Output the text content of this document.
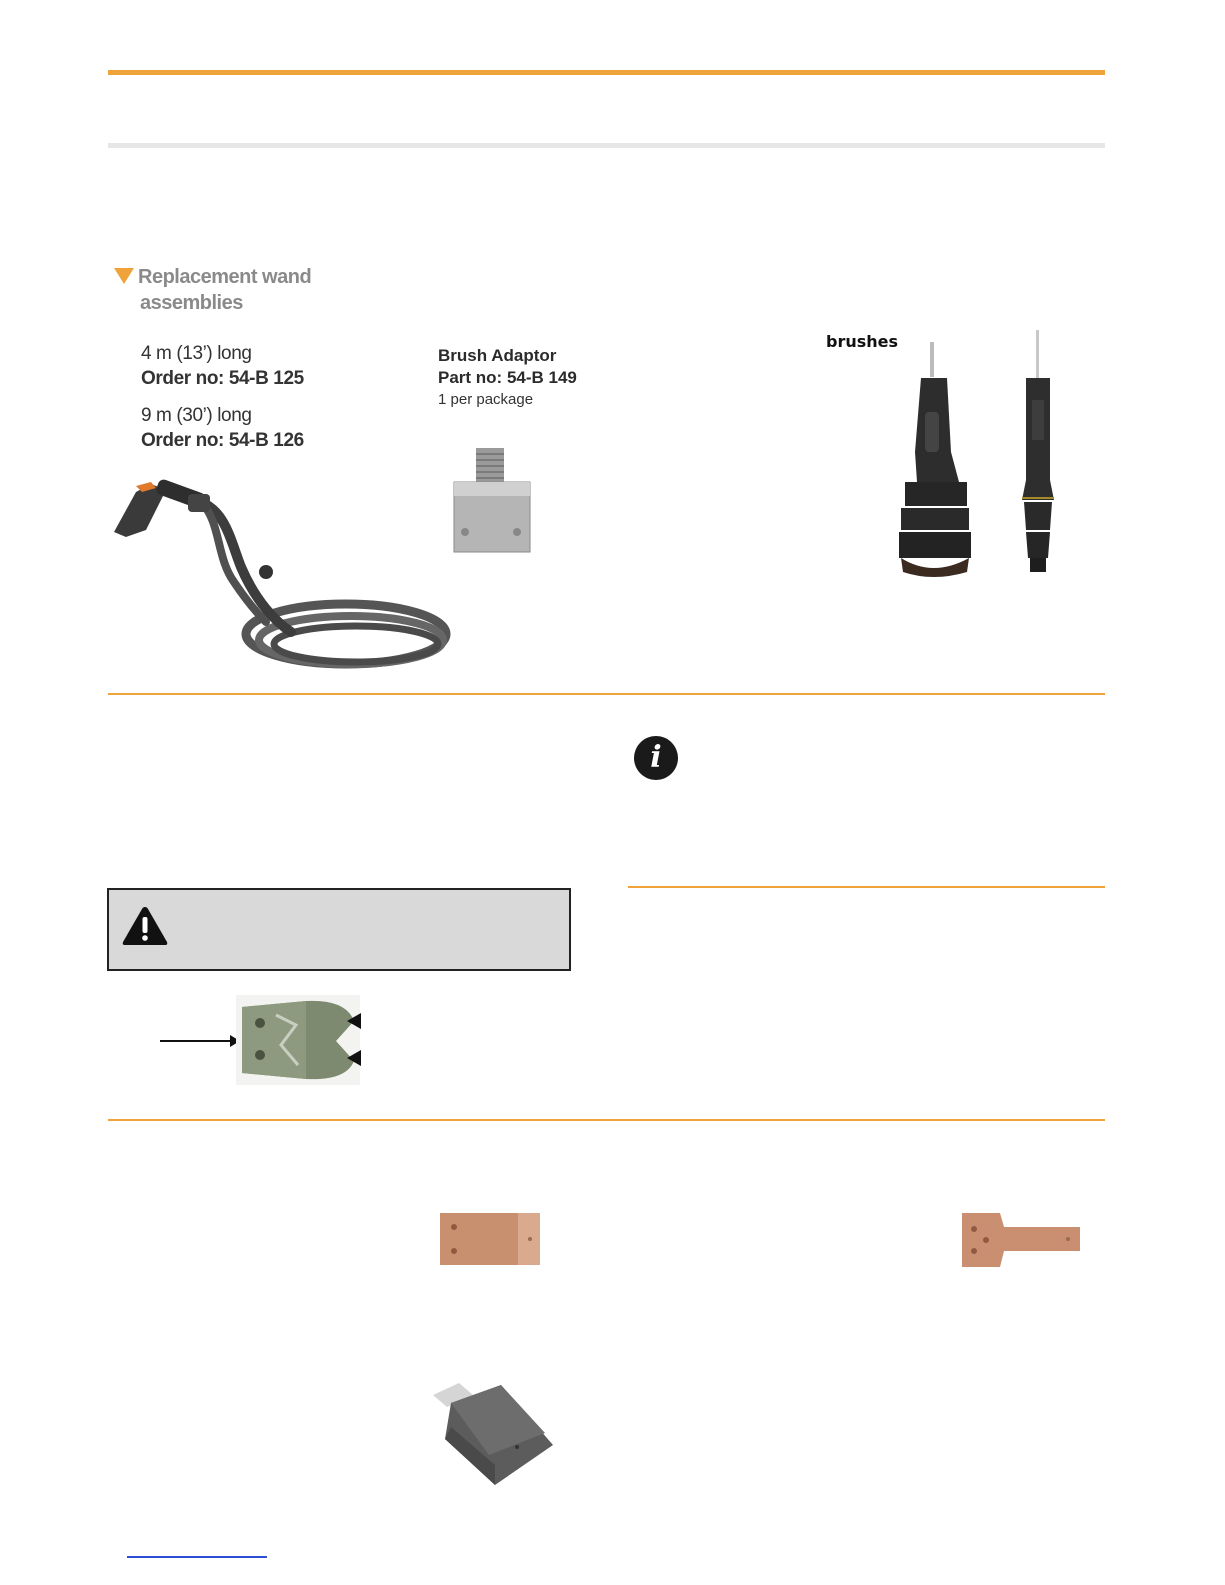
Replacement wand
assemblies
4 m (13’) long
Order no: 54-B 125
9 m (30’) long
Order no: 54-B 126
Brush Adaptor
Part no: 54-B 149
1 per package
brushes
i
